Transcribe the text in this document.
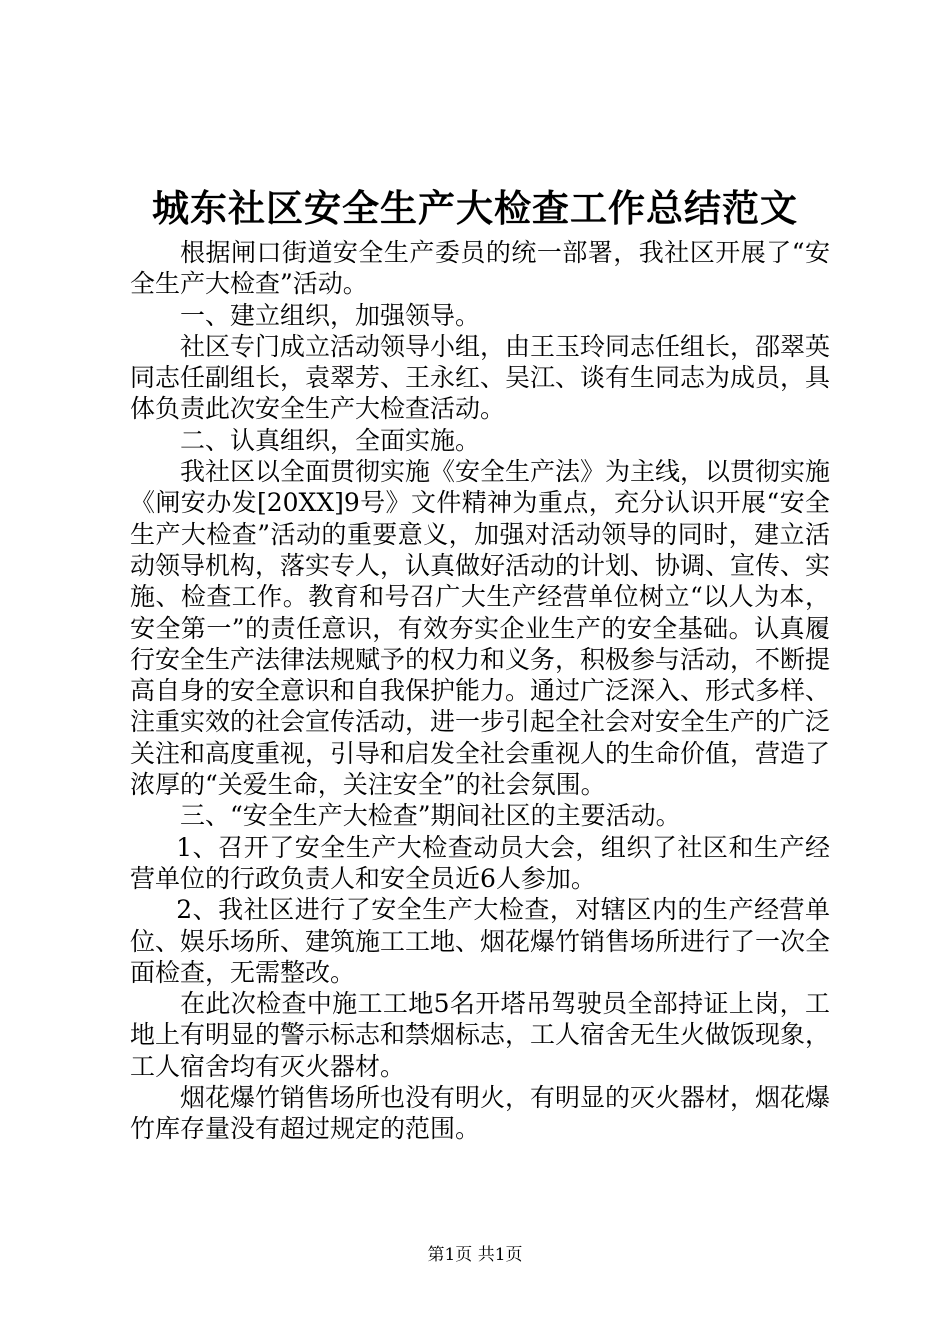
城东社区安全生产大检查工作总结范文

根据闸口街道安全生产委员的统一部署，我社区开展了“安全生产大检查”活动。

一、建立组织，加强领导。

社区专门成立活动领导小组，由王玉玲同志任组长，邵翠英同志任副组长，袁翠芳、王永红、吴江、谈有生同志为成员，具体负责此次安全生产大检查活动。

二、认真组织，全面实施。

我社区以全面贯彻实施《安全生产法》为主线，以贯彻实施《闸安办发[20XX]9号》文件精神为重点，充分认识开展“安全生产大检查”活动的重要意义，加强对活动领导的同时，建立活动领导机构，落实专人，认真做好活动的计划、协调、宣传、实施、检查工作。教育和号召广大生产经营单位树立“以人为本，安全第一”的责任意识，有效夯实企业生产的安全基础。认真履行安全生产法律法规赋予的权力和义务，积极参与活动，不断提高自身的安全意识和自我保护能力。通过广泛深入、形式多样、注重实效的社会宣传活动，进一步引起全社会对安全生产的广泛关注和高度重视，引导和启发全社会重视人的生命价值，营造了浓厚的“关爱生命，关注安全”的社会氛围。

三、“安全生产大检查”期间社区的主要活动。

1、召开了安全生产大检查动员大会，组织了社区和生产经营单位的行政负责人和安全员近6人参加。

2、我社区进行了安全生产大检查，对辖区内的生产经营单位、娱乐场所、建筑施工工地、烟花爆竹销售场所进行了一次全面检查，无需整改。

在此次检查中施工工地5名开塔吊驾驶员全部持证上岗，工地上有明显的警示标志和禁烟标志，工人宿舍无生火做饭现象，工人宿舍均有灭火器材。

烟花爆竹销售场所也没有明火，有明显的灭火器材，烟花爆竹库存量没有超过规定的范围。

第1页 共1页
